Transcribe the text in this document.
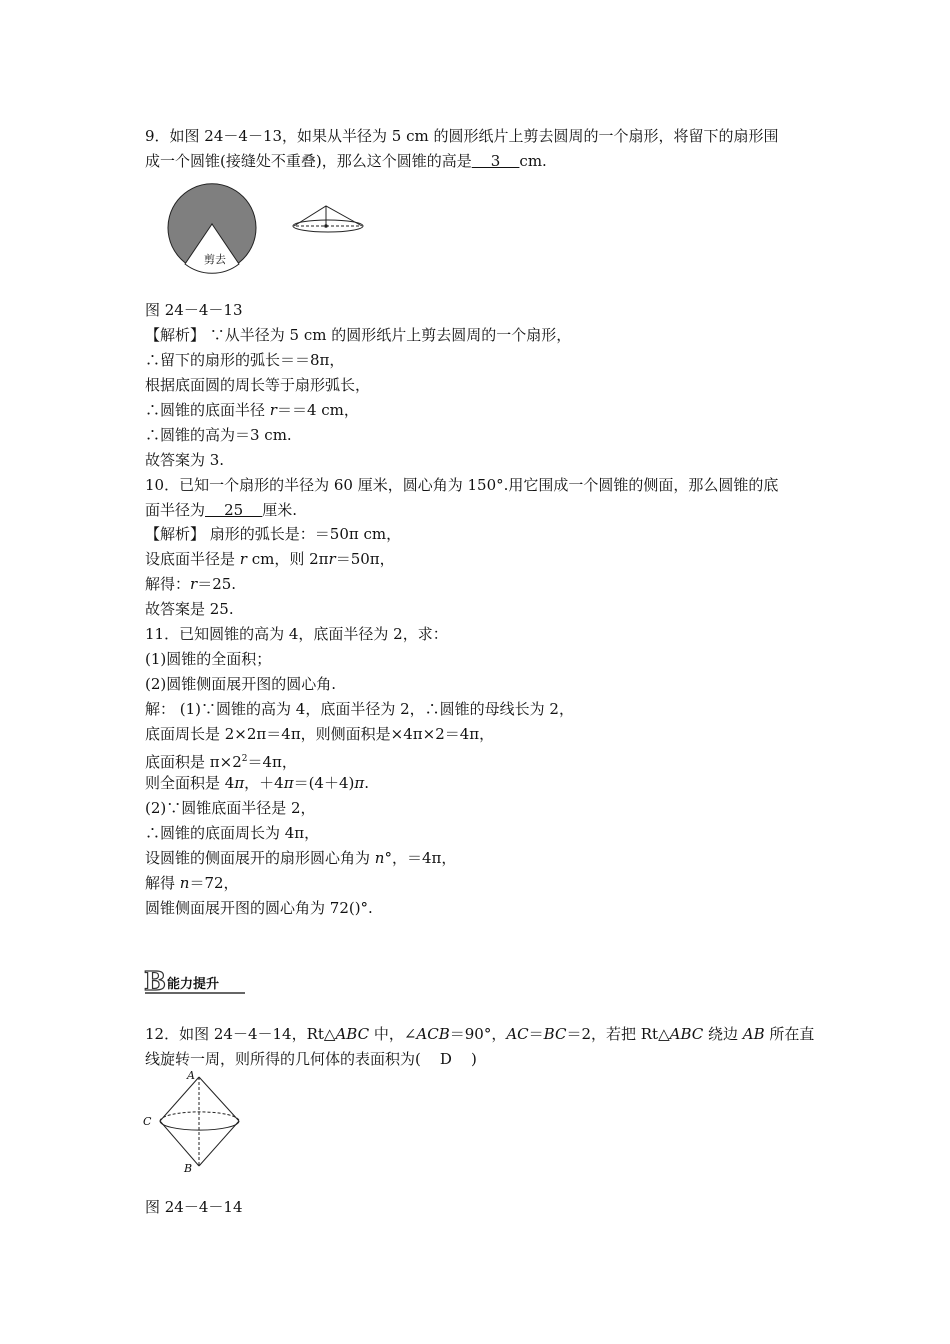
9．如图 24－4－13，如果从半径为 5 cm 的圆形纸片上剪去圆周的一个扇形，将留下的扇形围
成一个圆锥(接缝处不重叠)，那么这个圆锥的高是    3    cm.
剪去
图 24－4－13
【解析】 ∵从半径为 5 cm 的圆形纸片上剪去圆周的一个扇形，
∴留下的扇形的弧长＝＝8π，
根据底面圆的周长等于扇形弧长，
∴圆锥的底面半径 r＝＝4 cm，
∴圆锥的高为＝3 cm.
故答案为 3.
10．已知一个扇形的半径为 60 厘米，圆心角为 150°.用它围成一个圆锥的侧面，那么圆锥的底
面半径为    25    厘米.
【解析】 扇形的弧长是：＝50π cm，
设底面半径是 r cm，则 2πr＝50π，
解得：r＝25.
故答案是 25.
11．已知圆锥的高为 4，底面半径为 2，求：
(1)圆锥的全面积；
(2)圆锥侧面展开图的圆心角.
解： (1)∵圆锥的高为 4，底面半径为 2，∴圆锥的母线长为 2，
底面周长是 2×2π＝4π，则侧面积是×4π×2＝4π，
底面积是 $\pi\times 2^2=4\pi$，
则全面积是 4π，＋4π＝(4＋4)π.
(2)∵圆锥底面半径是 2，
∴圆锥的底面周长为 4π，
设圆锥的侧面展开的扇形圆心角为 n°，＝4π，
解得 n＝72，
圆锥侧面展开图的圆心角为 72()°.
B 能力提升
12．如图 24－4－14，Rt△ABC 中，∠ACB＝90°，AC＝BC＝2，若把 Rt△ABC 绕边 AB 所在直
线旋转一周，则所得的几何体的表面积为(    D    )
A
C
B
图 24－4－14
